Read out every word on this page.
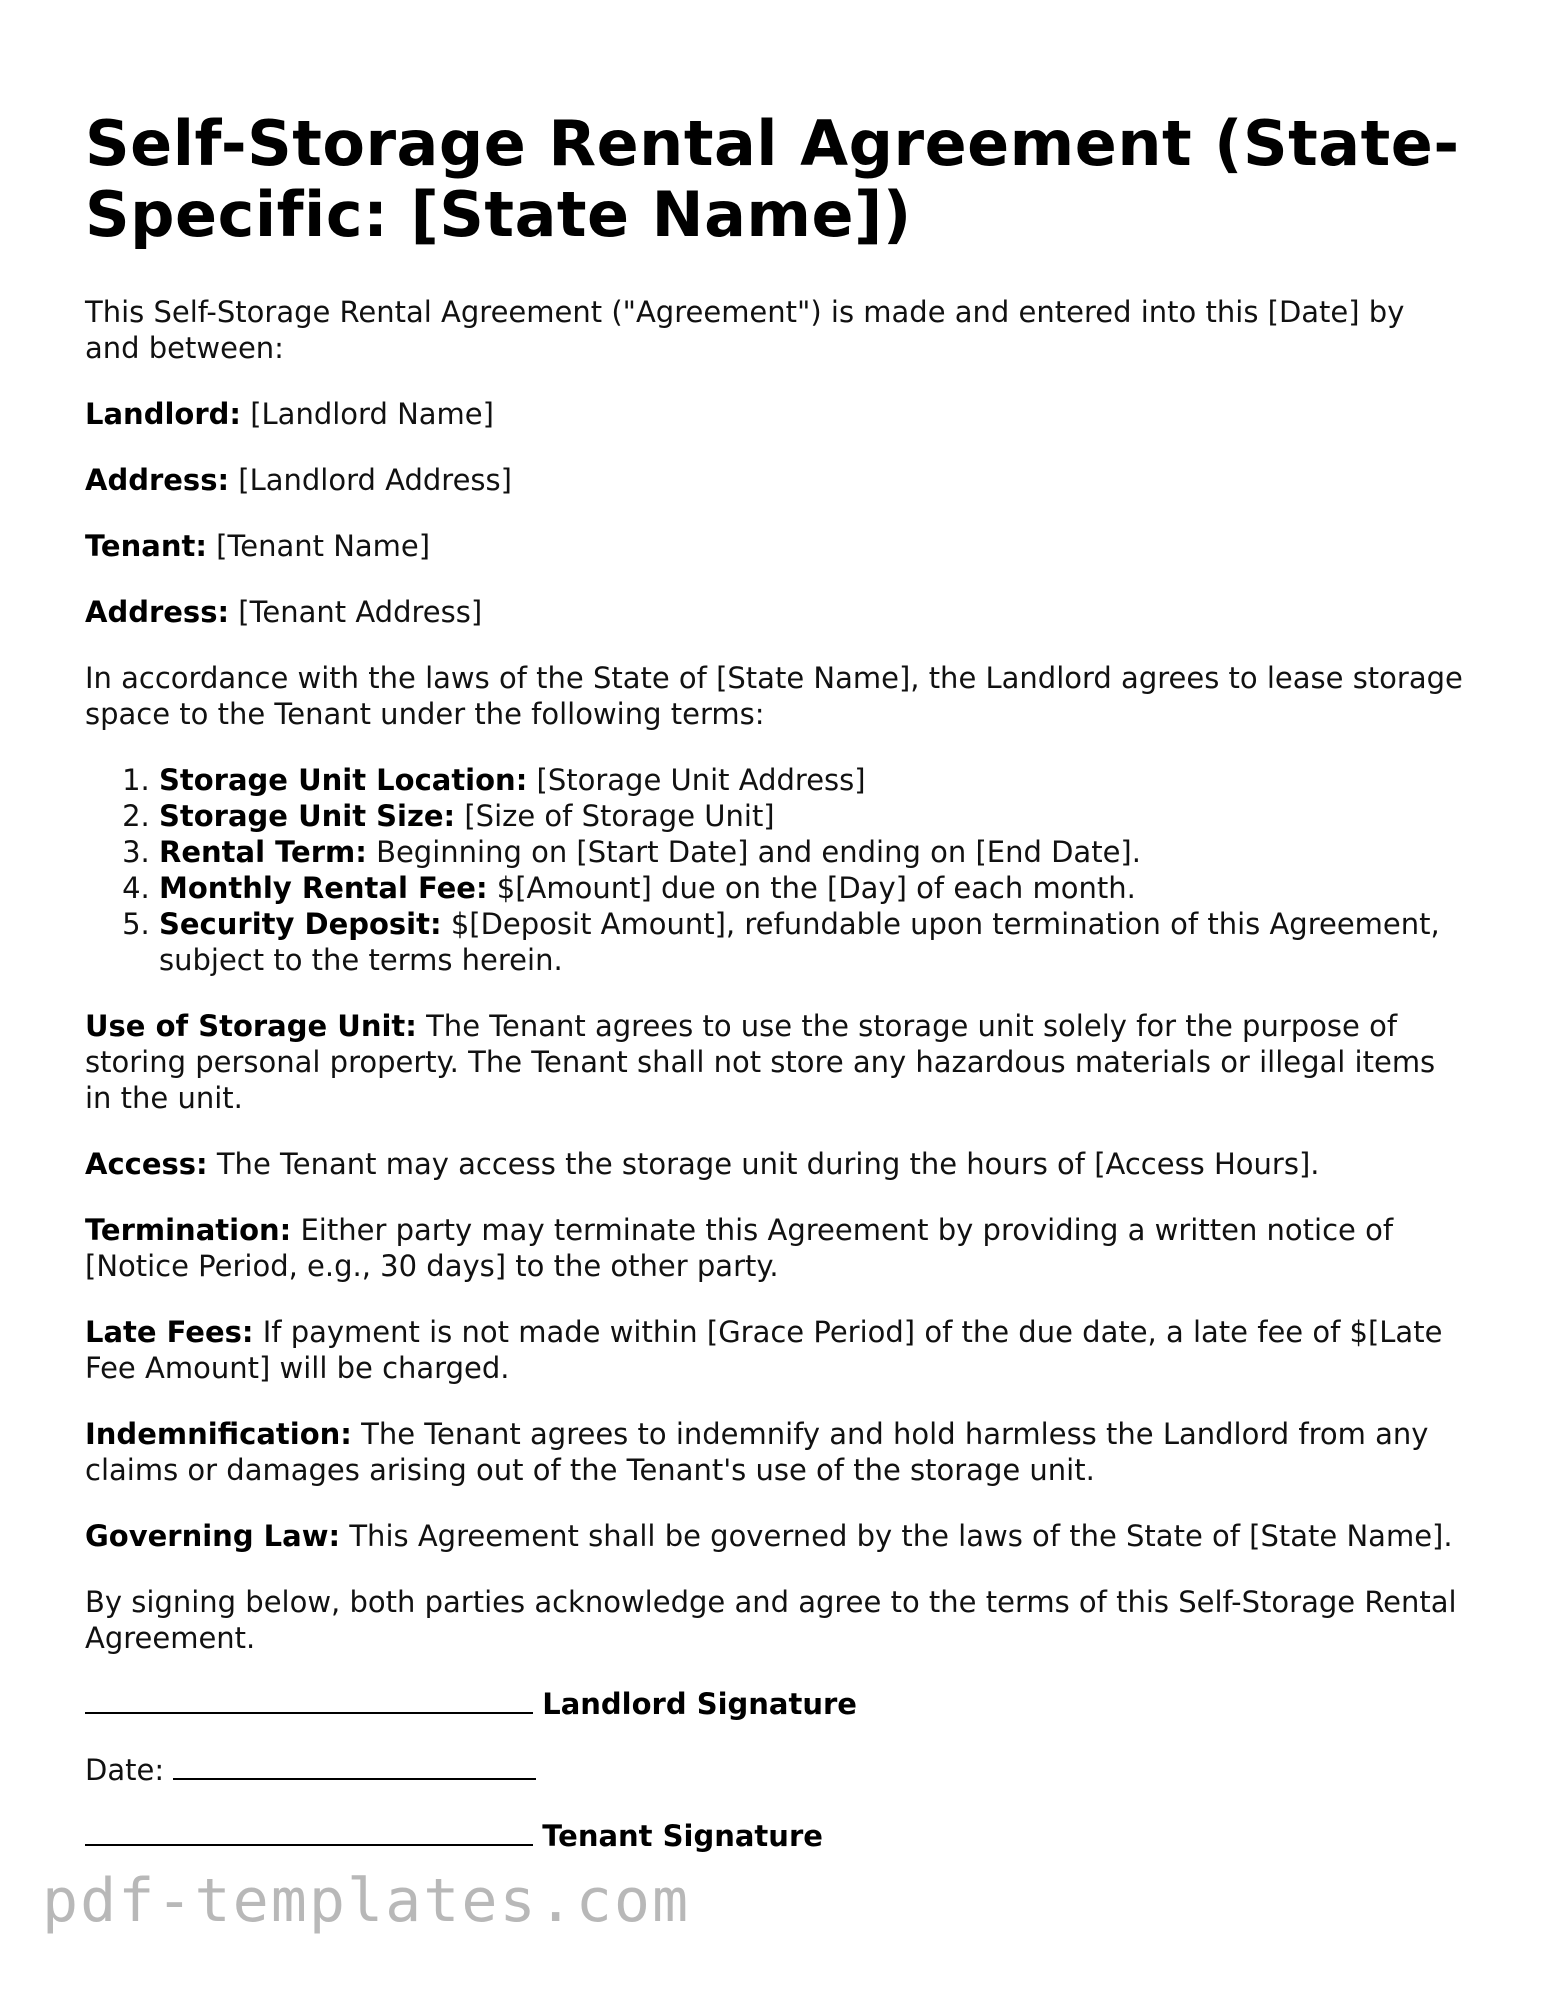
Self-Storage Rental Agreement (State-Specific: [State Name])

This Self-Storage Rental Agreement ("Agreement") is made and entered into this [Date] by and between:

Landlord: [Landlord Name]

Address: [Landlord Address]

Tenant: [Tenant Name]

Address: [Tenant Address]

In accordance with the laws of the State of [State Name], the Landlord agrees to lease storage space to the Tenant under the following terms:

1. Storage Unit Location: [Storage Unit Address]
2. Storage Unit Size: [Size of Storage Unit]
3. Rental Term: Beginning on [Start Date] and ending on [End Date].
4. Monthly Rental Fee: $[Amount] due on the [Day] of each month.
5. Security Deposit: $[Deposit Amount], refundable upon termination of this Agreement, subject to the terms herein.

Use of Storage Unit: The Tenant agrees to use the storage unit solely for the purpose of storing personal property. The Tenant shall not store any hazardous materials or illegal items in the unit.

Access: The Tenant may access the storage unit during the hours of [Access Hours].

Termination: Either party may terminate this Agreement by providing a written notice of [Notice Period, e.g., 30 days] to the other party.

Late Fees: If payment is not made within [Grace Period] of the due date, a late fee of $[Late Fee Amount] will be charged.

Indemnification: The Tenant agrees to indemnify and hold harmless the Landlord from any claims or damages arising out of the Tenant's use of the storage unit.

Governing Law: This Agreement shall be governed by the laws of the State of [State Name].

By signing below, both parties acknowledge and agree to the terms of this Self-Storage Rental Agreement.

Landlord Signature

Date:

Tenant Signature

pdf-templates.com
